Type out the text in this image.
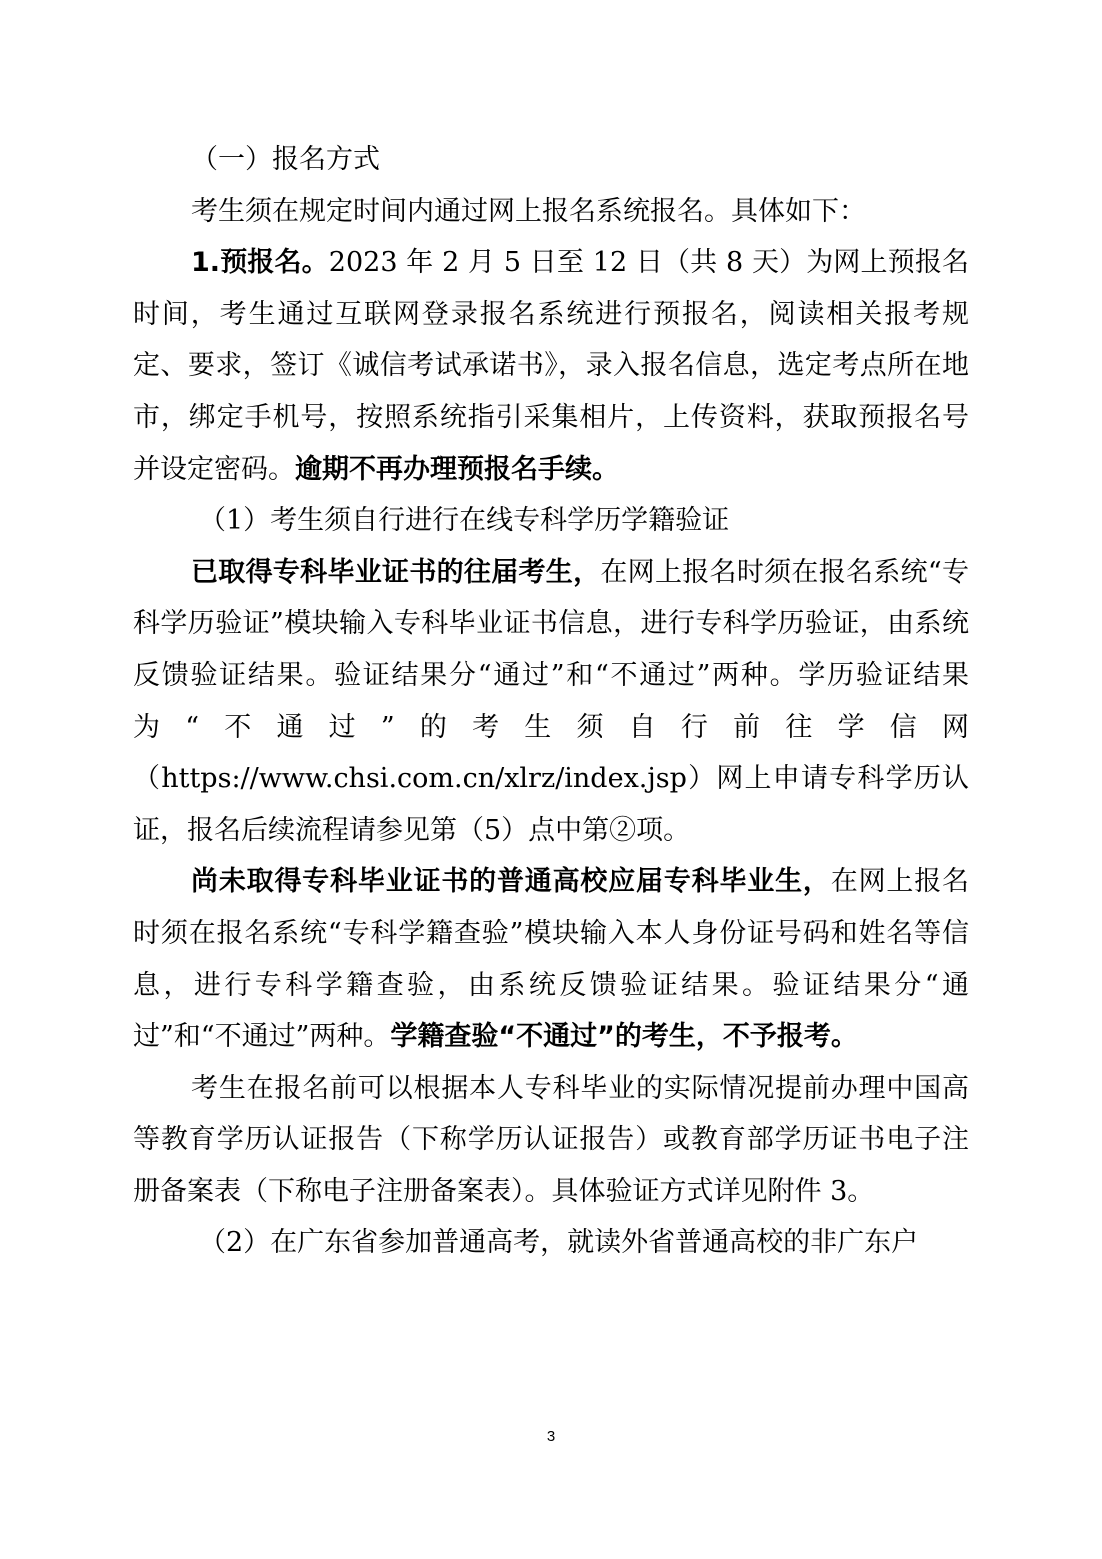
（一）报名方式

考生须在规定时间内通过网上报名系统报名。具体如下：

1.预报名。2023 年 2 月 5 日至 12 日（共 8 天）为网上预报名时间，考生通过互联网登录报名系统进行预报名，阅读相关报考规定、要求，签订《诚信考试承诺书》，录入报名信息，选定考点所在地市，绑定手机号，按照系统指引采集相片，上传资料，获取预报名号并设定密码。逾期不再办理预报名手续。

（1）考生须自行进行在线专科学历学籍验证

已取得专科毕业证书的往届考生，在网上报名时须在报名系统“专科学历验证”模块输入专科毕业证书信息，进行专科学历验证，由系统反馈验证结果。验证结果分“通过”和“不通过”两种。学历验证结果为“不通过”的考生须自行前往学信网（https://www.chsi.com.cn/xlrz/index.jsp）网上申请专科学历认证，报名后续流程请参见第（5）点中第②项。

尚未取得专科毕业证书的普通高校应届专科毕业生，在网上报名时须在报名系统“专科学籍查验”模块输入本人身份证号码和姓名等信息，进行专科学籍查验，由系统反馈验证结果。验证结果分“通过”和“不通过”两种。学籍查验“不通过”的考生，不予报考。

考生在报名前可以根据本人专科毕业的实际情况提前办理中国高等教育学历认证报告（下称学历认证报告）或教育部学历证书电子注册备案表（下称电子注册备案表）。具体验证方式详见附件 3。

（2）在广东省参加普通高考，就读外省普通高校的非广东户

3
